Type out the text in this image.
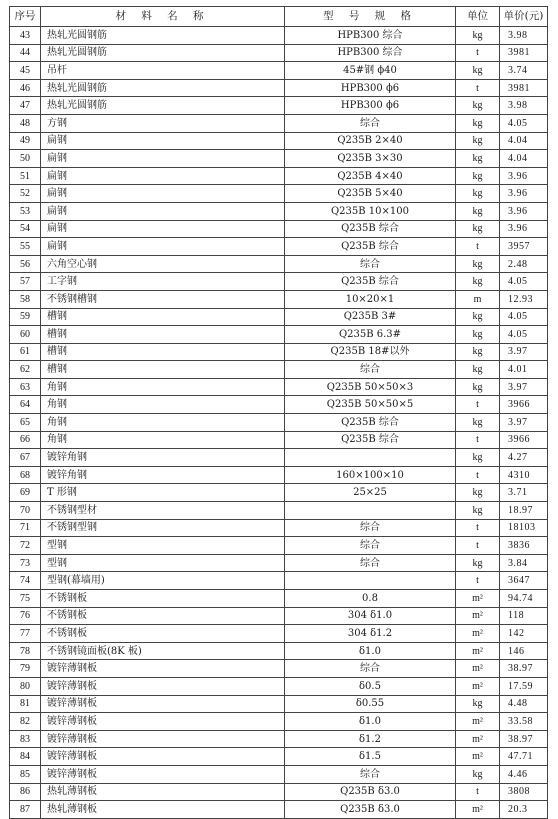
序号	材 料 名 称	型 号 规 格	单位	单价(元)
43	热轧光圆钢筋	HPB300 综合	kg	3.98
44	热轧光圆钢筋	HPB300 综合	t	3981
45	吊杆	45#钢 ϕ40	kg	3.74
46	热轧光圆钢筋	HPB300 ϕ6	t	3981
47	热轧光圆钢筋	HPB300 ϕ6	kg	3.98
48	方钢	综合	kg	4.05
49	扁钢	Q235B 2×40	kg	4.04
50	扁钢	Q235B 3×30	kg	4.04
51	扁钢	Q235B 4×40	kg	3.96
52	扁钢	Q235B 5×40	kg	3.96
53	扁钢	Q235B 10×100	kg	3.96
54	扁钢	Q235B 综合	kg	3.96
55	扁钢	Q235B 综合	t	3957
56	六角空心钢	综合	kg	2.48
57	工字钢	Q235B 综合	kg	4.05
58	不锈钢槽钢	10×20×1	m	12.93
59	槽钢	Q235B 3#	kg	4.05
60	槽钢	Q235B 6.3#	kg	4.05
61	槽钢	Q235B 18#以外	kg	3.97
62	槽钢	综合	kg	4.01
63	角钢	Q235B 50×50×3	kg	3.97
64	角钢	Q235B 50×50×5	t	3966
65	角钢	Q235B 综合	kg	3.97
66	角钢	Q235B 综合	t	3966
67	镀锌角钢		kg	4.27
68	镀锌角钢	160×100×10	t	4310
69	T 形钢	25×25	kg	3.71
70	不锈钢型材		kg	18.97
71	不锈钢型钢	综合	t	18103
72	型钢	综合	t	3836
73	型钢	综合	kg	3.84
74	型钢(幕墙用)		t	3647
75	不锈钢板	0.8	m²	94.74
76	不锈钢板	304 δ1.0	m²	118
77	不锈钢板	304 δ1.2	m²	142
78	不锈钢镜面板(8K 板)	δ1.0	m²	146
79	镀锌薄钢板	综合	m²	38.97
80	镀锌薄钢板	δ0.5	m²	17.59
81	镀锌薄钢板	δ0.55	kg	4.48
82	镀锌薄钢板	δ1.0	m²	33.58
83	镀锌薄钢板	δ1.2	m²	38.97
84	镀锌薄钢板	δ1.5	m²	47.71
85	镀锌薄钢板	综合	kg	4.46
86	热轧薄钢板	Q235B δ3.0	t	3808
87	热轧薄钢板	Q235B δ3.0	m²	20.3
